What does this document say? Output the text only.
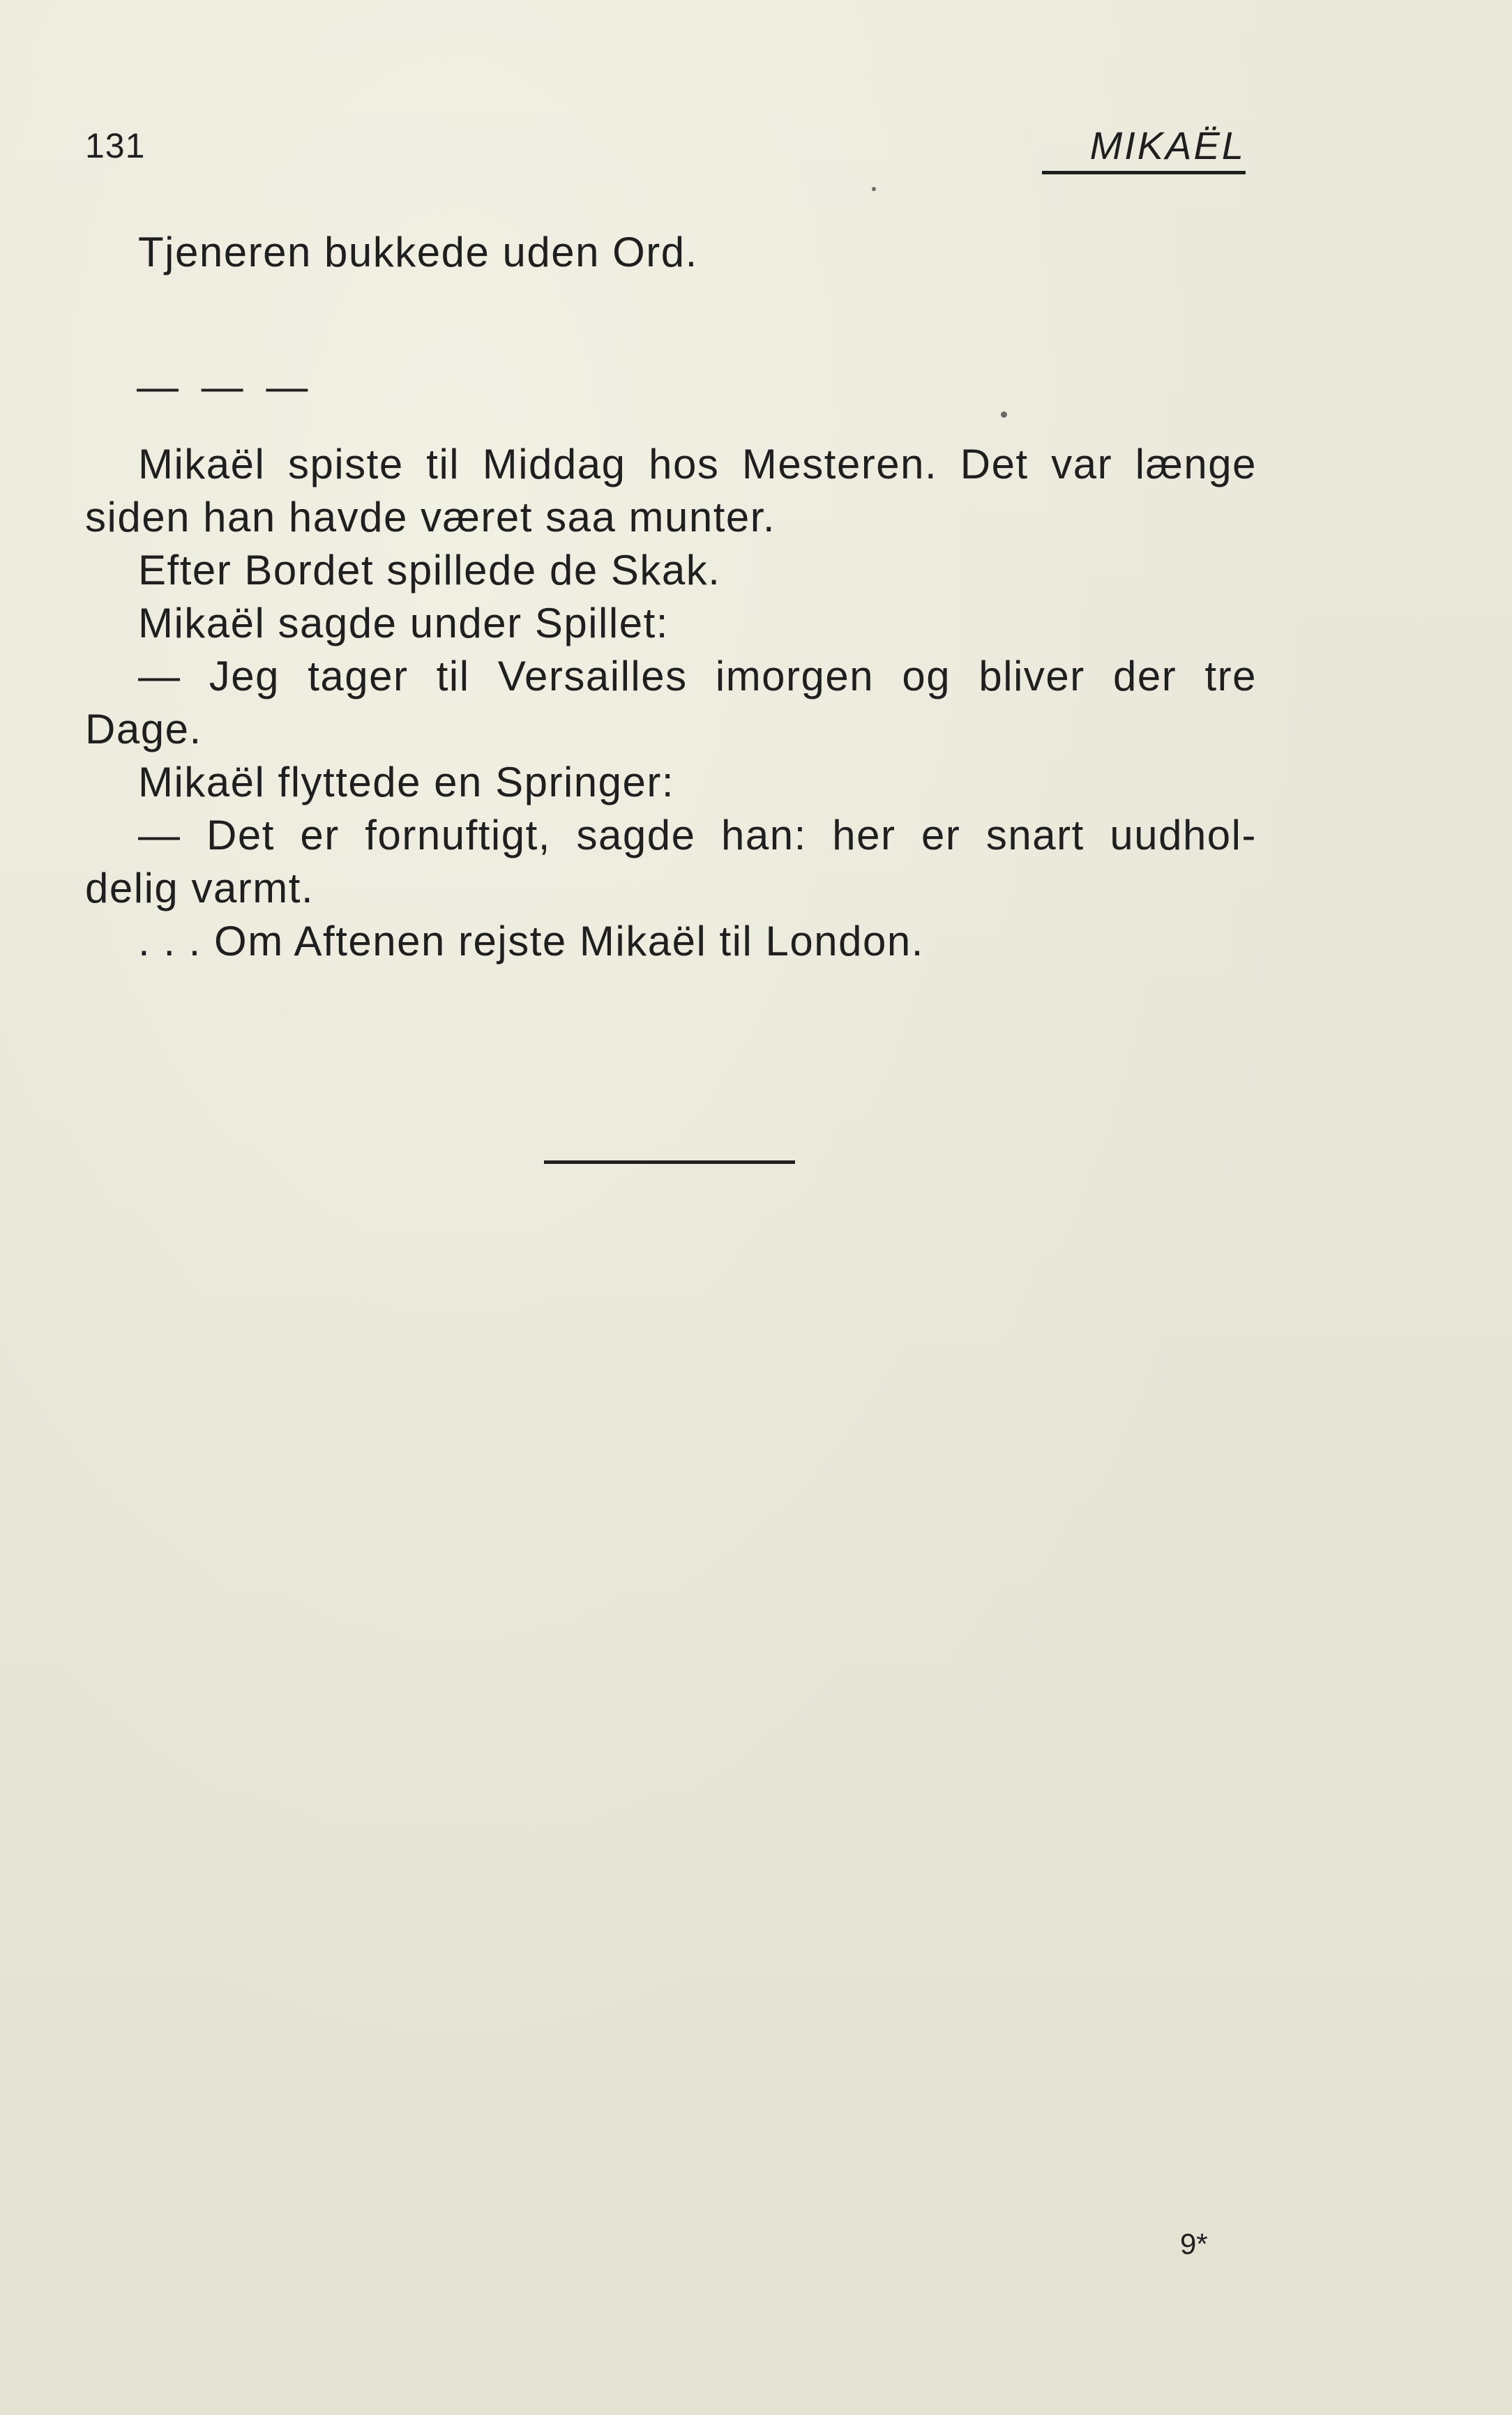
131	MIKAËL

Tjeneren bukkede uden Ord.

— — —

Mikaël spiste til Middag hos Mesteren. Det var længe
siden han havde været saa munter.
Efter Bordet spillede de Skak.
Mikaël sagde under Spillet:
— Jeg tager til Versailles imorgen og bliver der tre
Dage.
Mikaël flyttede en Springer:
— Det er fornuftigt, sagde han: her er snart uudhol-
delig varmt.
. . . Om Aftenen rejste Mikaël til London.

9*
